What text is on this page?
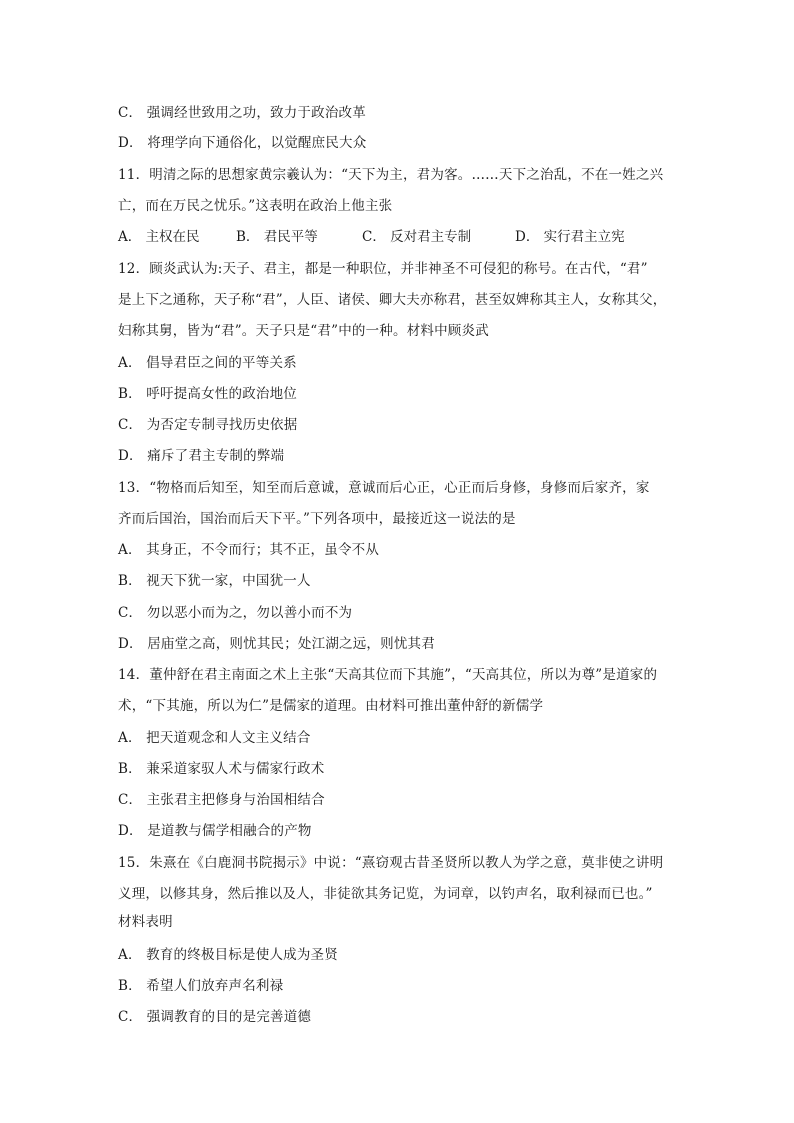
C． 强调经世致用之功，致力于政治改革
D． 将理学向下通俗化，以觉醒庶民大众
11．明清之际的思想家黄宗羲认为：“天下为主，君为客。……天下之治乱，不在一姓之兴
亡，而在万民之忧乐。”这表明在政治上他主张
A． 主权在民	B． 君民平等	C． 反对君主专制	D． 实行君主立宪
12．顾炎武认为:天子、君主，都是一种职位，并非神圣不可侵犯的称号。在古代，“君”
是上下之通称，天子称“君”，人臣、诸侯、卿大夫亦称君，甚至奴婢称其主人，女称其父，
妇称其舅，皆为“君”。天子只是“君”中的一种。材料中顾炎武
A． 倡导君臣之间的平等关系
B． 呼吁提高女性的政治地位
C． 为否定专制寻找历史依据
D． 痛斥了君主专制的弊端
13．“物格而后知至，知至而后意诚，意诚而后心正，心正而后身修，身修而后家齐，家
齐而后国治，国治而后天下平。”下列各项中，最接近这一说法的是
A． 其身正，不令而行；其不正，虽令不从
B． 视天下犹一家，中国犹一人
C． 勿以恶小而为之，勿以善小而不为
D． 居庙堂之高，则忧其民；处江湖之远，则忧其君
14．董仲舒在君主南面之术上主张“天高其位而下其施”，“天高其位，所以为尊”是道家的
术，“下其施，所以为仁”是儒家的道理。由材料可推出董仲舒的新儒学
A． 把天道观念和人文主义结合
B． 兼采道家驭人术与儒家行政术
C． 主张君主把修身与治国相结合
D． 是道教与儒学相融合的产物
15．朱熹在《白鹿洞书院揭示》中说：“熹窃观古昔圣贤所以教人为学之意，莫非使之讲明
义理，以修其身，然后推以及人，非徒欲其务记览，为词章，以钓声名，取利禄而已也。”
材料表明
A． 教育的终极目标是使人成为圣贤
B． 希望人们放弃声名利禄
C． 强调教育的目的是完善道德
